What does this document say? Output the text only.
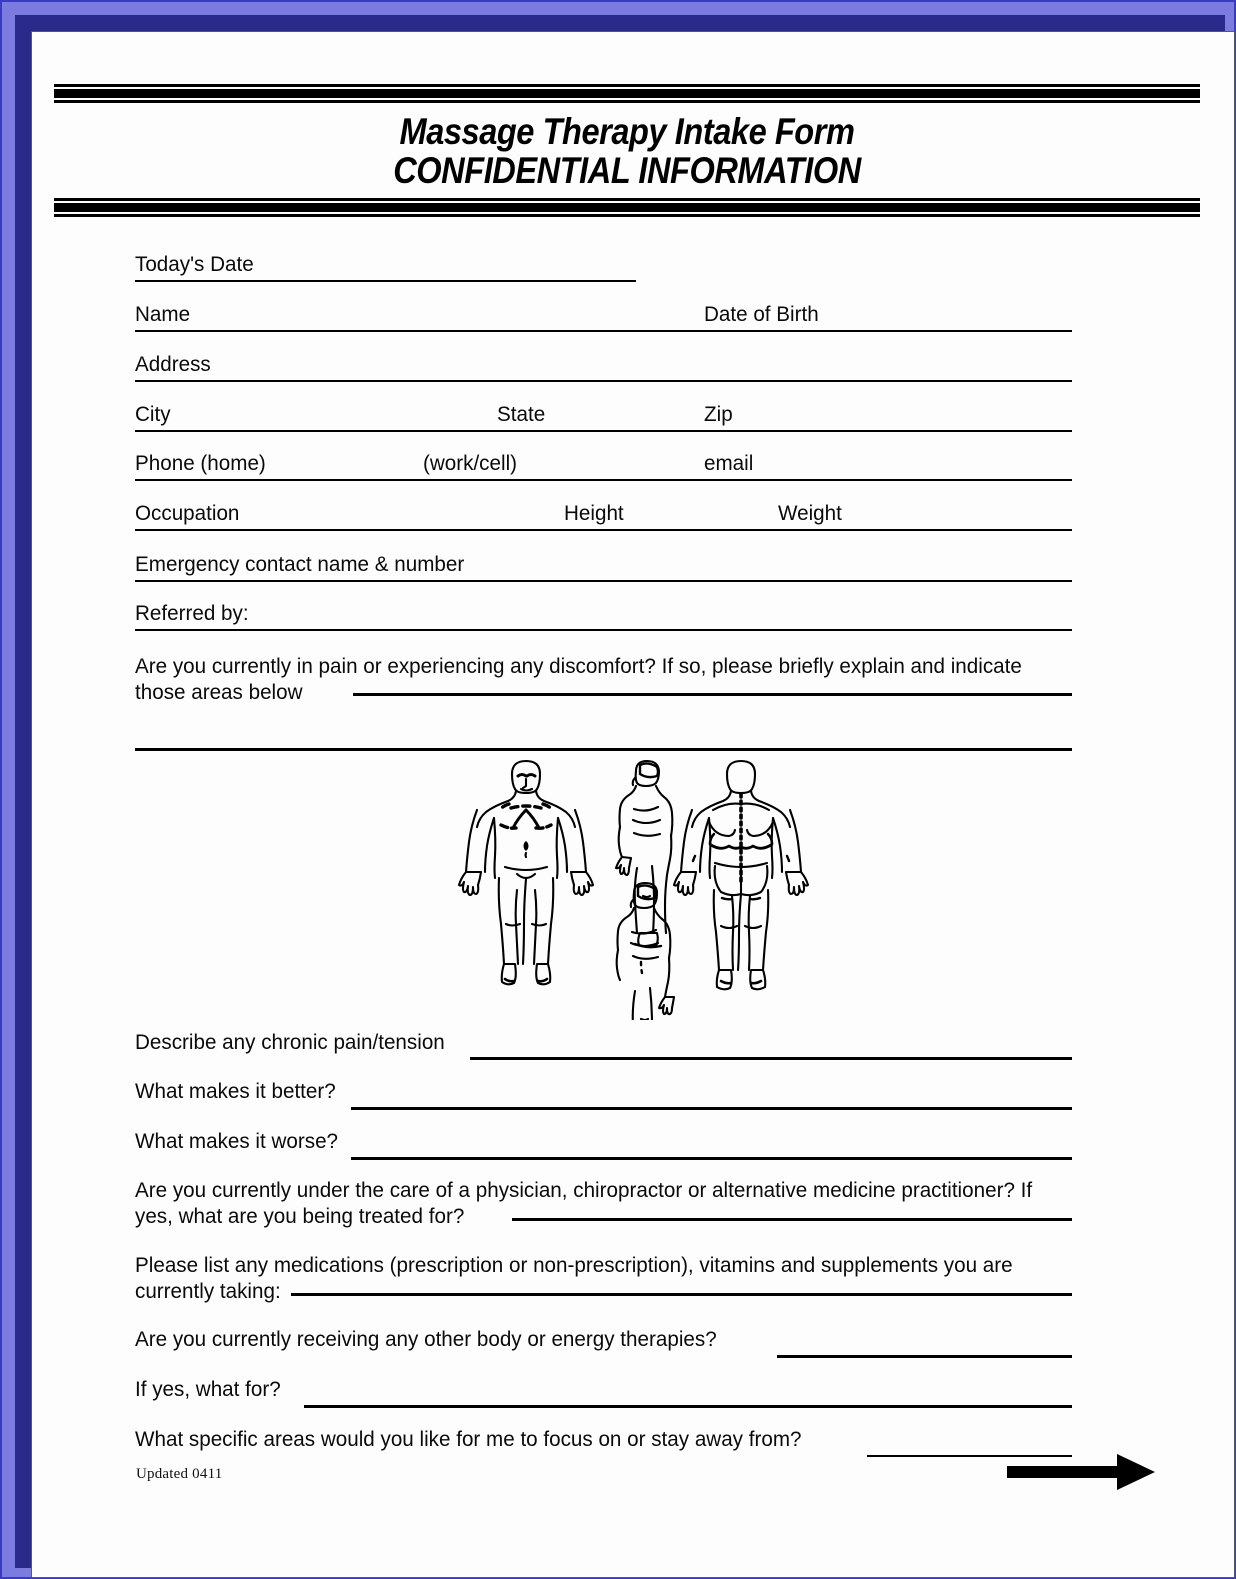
Massage Therapy Intake Form
CONFIDENTIAL INFORMATION
Today's Date
Name	Date of Birth
Address
City	State	Zip
Phone (home)	(work/cell)	email
Occupation	Height	Weight
Emergency contact name & number
Referred by:
Are you currently in pain or experiencing any discomfort? If so, please briefly explain and indicate
those areas below
Describe any chronic pain/tension
What makes it better?
What makes it worse?
Are you currently under the care of a physician, chiropractor or alternative medicine practitioner? If
yes, what are you being treated for?
Please list any medications (prescription or non-prescription), vitamins and supplements you are
currently taking:
Are you currently receiving any other body or energy therapies?
If yes, what for?
What specific areas would you like for me to focus on or stay away from?
Updated 0411
